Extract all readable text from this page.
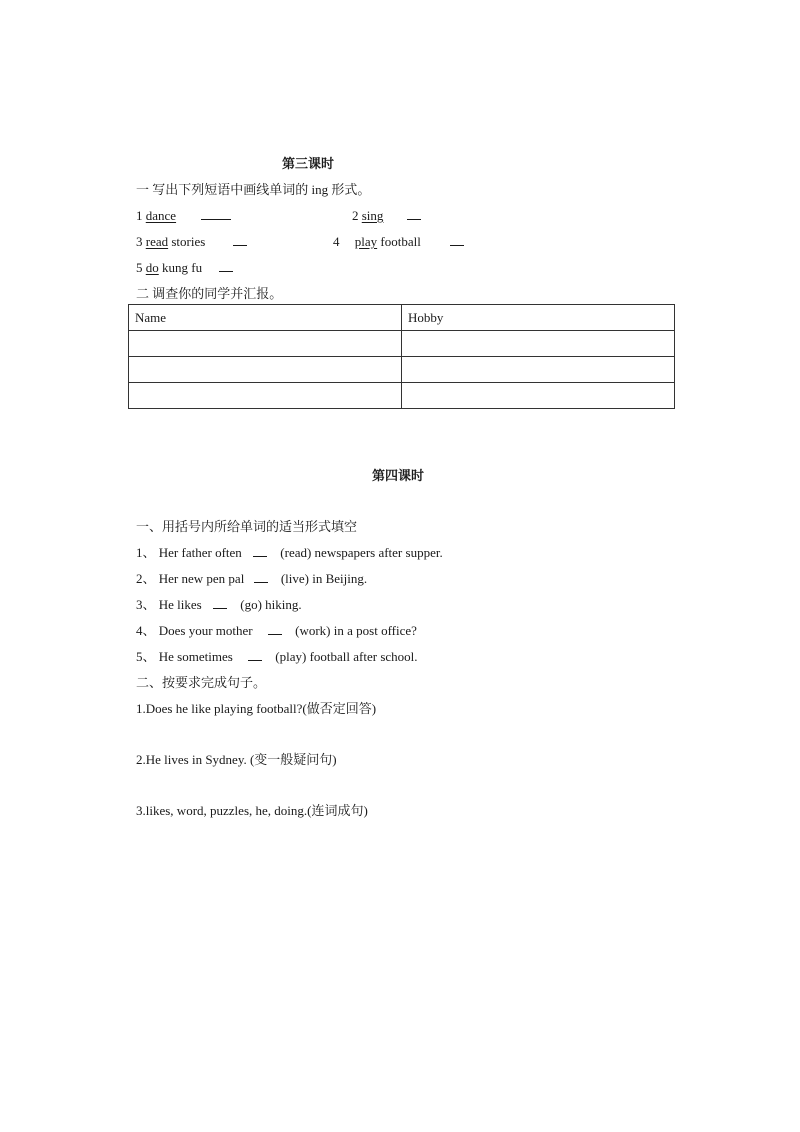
第三课时
一 写出下列短语中画线单词的 ing 形式。
1 dance	2 sing
3 read stories	4 play football
5 do kung fu
二 调查你的同学并汇报。
Name	Hobby

第四课时
一、用括号内所给单词的适当形式填空
1、 Her father often	(read) newspapers after supper.
2、 Her new pen pal	(live) in Beijing.
3、 He likes	(go) hiking.
4、 Does your mother	(work) in a post office?
5、 He sometimes	(play) football after school.
二、按要求完成句子。
1.Does he like playing football?(做否定回答)
2.He lives in Sydney. (变一般疑问句)
3.likes, word, puzzles, he, doing.(连词成句)
